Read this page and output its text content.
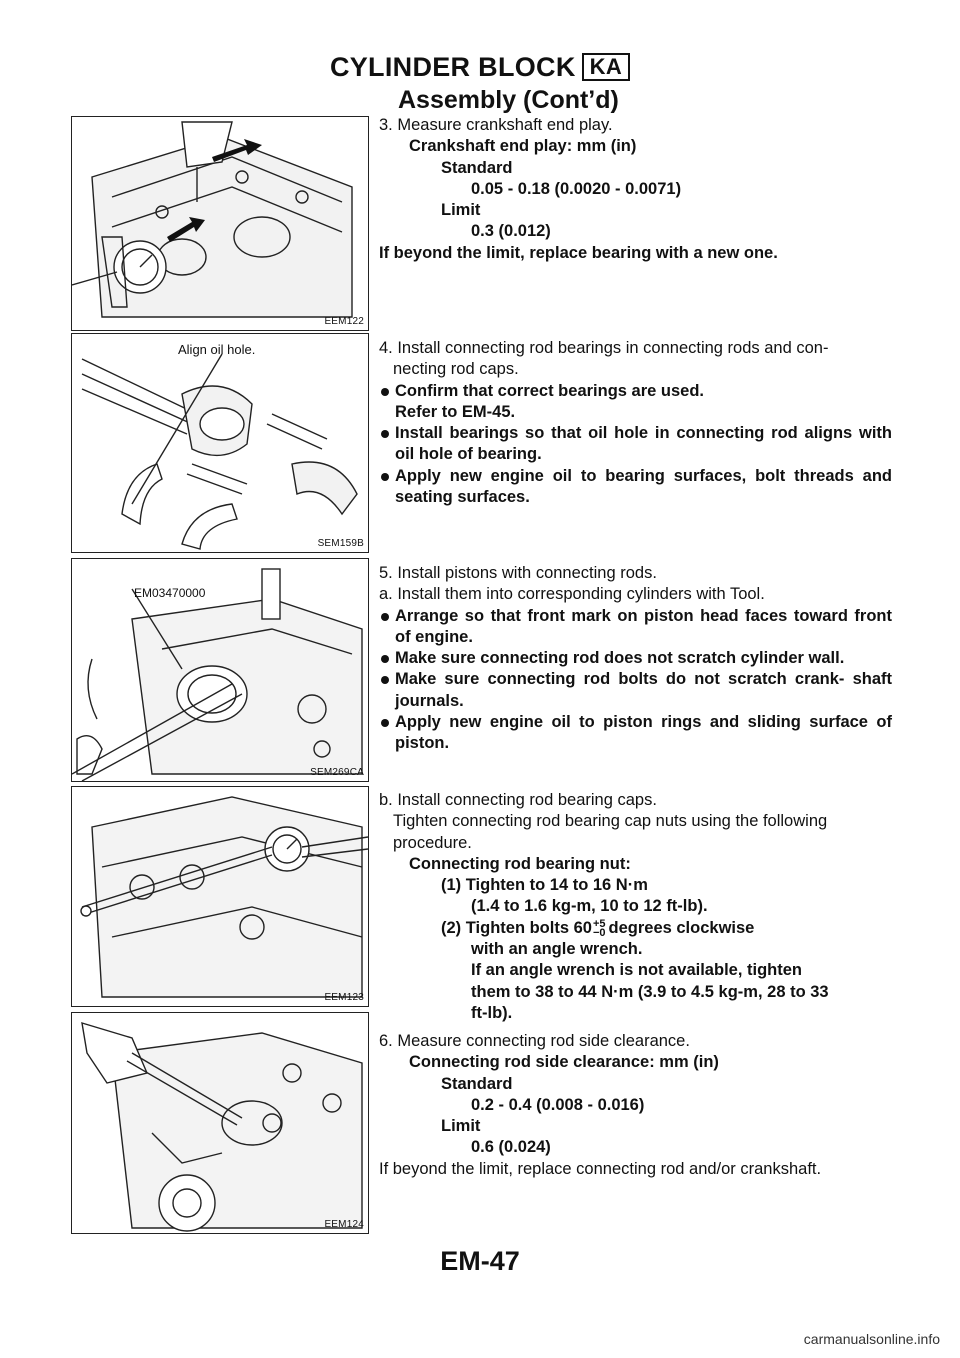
CYLINDER BLOCK KA
Assembly (Cont’d)
EEM122
Align oil hole.
SEM159B
EM03470000
SEM269CA
EEM123
EEM124

3. Measure crankshaft end play.

Crankshaft end play: mm (in)

Standard

0.05 - 0.18 (0.0020 - 0.0071)

Limit

0.3 (0.012)

If beyond the limit, replace bearing with a new one.

4. Install connecting rod bearings in connecting rods and con-

necting rod caps.

Confirm that correct bearings are used.

Refer to EM-45.

Install bearings so that oil hole in connecting rod aligns with oil hole of bearing.

Apply new engine oil to bearing surfaces, bolt threads and seating surfaces.

5. Install pistons with connecting rods.

a. Install them into corresponding cylinders with Tool.

Arrange so that front mark on piston head faces toward front of engine.

Make sure connecting rod does not scratch cylinder wall.

Make sure connecting rod bolts do not scratch crank- shaft journals.

Apply new engine oil to piston rings and sliding surface of piston.

b. Install connecting rod bearing caps.

Tighten connecting rod bearing cap nuts using the following

procedure.

Connecting rod bearing nut:

(1) Tighten to 14 to 16 N·m

(1.4 to 1.6 kg-m, 10 to 12 ft-lb).

(2) Tighten bolts 60 +5
−0 degrees clockwise

with an angle wrench.

If an angle wrench is not available, tighten

them to 38 to 44 N·m (3.9 to 4.5 kg-m, 28 to 33

ft-lb).

6. Measure connecting rod side clearance.

Connecting rod side clearance: mm (in)

Standard

0.2 - 0.4 (0.008 - 0.016)

Limit

0.6 (0.024)

If beyond the limit, replace connecting rod and/or crankshaft.

EM-47
carmanualsonline.info
